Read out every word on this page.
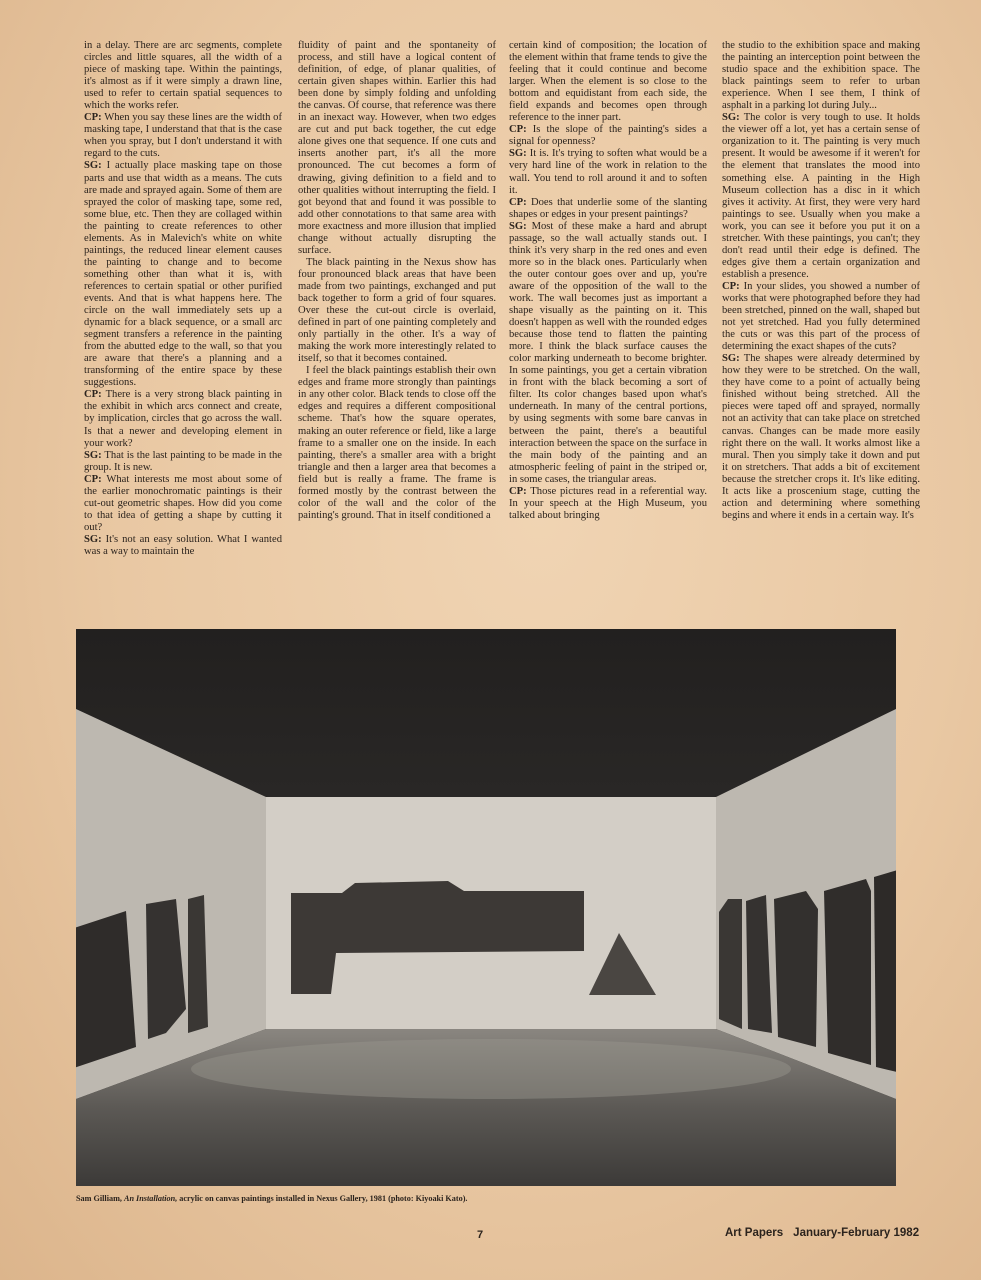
in a delay. There are arc segments, complete circles and little squares, all the width of a piece of masking tape. Within the paintings, it's almost as if it were simply a drawn line, used to refer to certain spatial sequences to which the works refer.

CP: When you say these lines are the width of masking tape, I understand that that is the case when you spray, but I don't understand it with regard to the cuts.

SG: I actually place masking tape on those parts and use that width as a means. The cuts are made and sprayed again. Some of them are sprayed the color of masking tape, some red, some blue, etc. Then they are collaged within the painting to create references to other elements. As in Malevich's white on white paintings, the reduced linear element causes the painting to change and to become something other than what it is, with references to certain spatial or other purified events. And that is what happens here. The circle on the wall immediately sets up a dynamic for a black sequence, or a small arc segment transfers a reference in the painting from the abutted edge to the wall, so that you are aware that there's a planning and a transforming of the entire space by these suggestions.

CP: There is a very strong black painting in the exhibit in which arcs connect and create, by implication, circles that go across the wall. Is that a newer and developing element in your work?

SG: That is the last painting to be made in the group. It is new.

CP: What interests me most about some of the earlier monochromatic paintings is their cut-out geometric shapes. How did you come to that idea of getting a shape by cutting it out?

SG: It's not an easy solution. What I wanted was a way to maintain the

fluidity of paint and the spontaneity of process, and still have a logical content of definition, of edge, of planar qualities, of certain given shapes within. Earlier this had been done by simply folding and unfolding the canvas. Of course, that reference was there in an inexact way. However, when two edges are cut and put back together, the cut edge alone gives one that sequence. If one cuts and inserts another part, it's all the more pronounced. The cut becomes a form of drawing, giving definition to a field and to other qualities without interrupting the field. I got beyond that and found it was possible to add other connotations to that same area with more exactness and more illusion that implied change without actually disrupting the surface.

The black painting in the Nexus show has four pronounced black areas that have been made from two paintings, exchanged and put back together to form a grid of four squares. Over these the cut-out circle is overlaid, defined in part of one painting completely and only partially in the other. It's a way of making the work more interestingly related to itself, so that it becomes contained.

I feel the black paintings establish their own edges and frame more strongly than paintings in any other color. Black tends to close off the edges and requires a different compositional scheme. That's how the square operates, making an outer reference or field, like a large frame to a smaller one on the inside. In each painting, there's a smaller area with a bright triangle and then a larger area that becomes a field but is really a frame. The frame is formed mostly by the contrast between the color of the wall and the color of the painting's ground. That in itself conditioned a

certain kind of composition; the location of the element within that frame tends to give the feeling that it could continue and become larger. When the element is so close to the bottom and equidistant from each side, the field expands and becomes open through reference to the inner part.

CP: Is the slope of the painting's sides a signal for openness?

SG: It is. It's trying to soften what would be a very hard line of the work in relation to the wall. You tend to roll around it and to soften it.

CP: Does that underlie some of the slanting shapes or edges in your present paintings?

SG: Most of these make a hard and abrupt passage, so the wall actually stands out. I think it's very sharp in the red ones and even more so in the black ones. Particularly when the outer contour goes over and up, you're aware of the opposition of the wall to the work. The wall becomes just as important a shape visually as the painting on it. This doesn't happen as well with the rounded edges because those tend to flatten the painting more. I think the black surface causes the color marking underneath to become brighter. In some paintings, you get a certain vibration in front with the black becoming a sort of filter. Its color changes based upon what's underneath. In many of the central portions, by using segments with some bare canvas in between the paint, there's a beautiful interaction between the space on the surface in the main body of the painting and an atmospheric feeling of paint in the striped or, in some cases, the triangular areas.

CP: Those pictures read in a referential way. In your speech at the High Museum, you talked about bringing

the studio to the exhibition space and making the painting an interception point between the studio space and the exhibition space. The black paintings seem to refer to urban experience. When I see them, I think of asphalt in a parking lot during July...

SG: The color is very tough to use. It holds the viewer off a lot, yet has a certain sense of organization to it. The painting is very much present. It would be awesome if it weren't for the element that translates the mood into something else. A painting in the High Museum collection has a disc in it which gives it activity. At first, they were very hard paintings to see. Usually when you make a work, you can see it before you put it on a stretcher. With these paintings, you can't; they don't read until their edge is defined. The edges give them a certain organization and establish a presence.

CP: In your slides, you showed a number of works that were photographed before they had been stretched, pinned on the wall, shaped but not yet stretched. Had you fully determined the cuts or was this part of the process of determining the exact shapes of the cuts?

SG: The shapes were already determined by how they were to be stretched. On the wall, they have come to a point of actually being finished without being stretched. All the pieces were taped off and sprayed, normally not an activity that can take place on stretched canvas. Changes can be made more easily right there on the wall. It works almost like a mural. Then you simply take it down and put it on stretchers. That adds a bit of excitement because the stretcher crops it. It's like editing. It acts like a proscenium stage, cutting the action and determining where something begins and where it ends in a certain way. It's

Sam Gilliam, An Installation, acrylic on canvas paintings installed in Nexus Gallery, 1981 (photo: Kiyoaki Kato).
7	Art Papers January-February 1982
